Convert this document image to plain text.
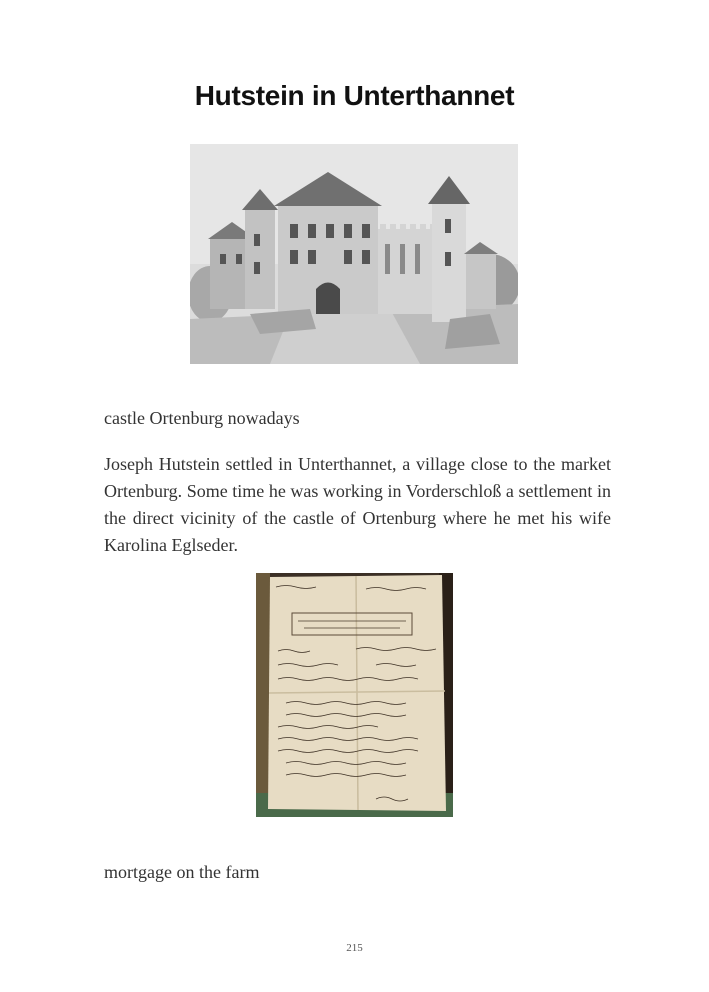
Hutstein in Unterthannet
castle Ortenburg nowadays

Joseph Hutstein settled in Unterthannet, a village close to the market Ortenburg. Some time he was working in Vorderschloß a settlement in the direct vicinity of the castle of Ortenburg where he met his wife Karolina Eglseder.

mortgage on the farm
215
